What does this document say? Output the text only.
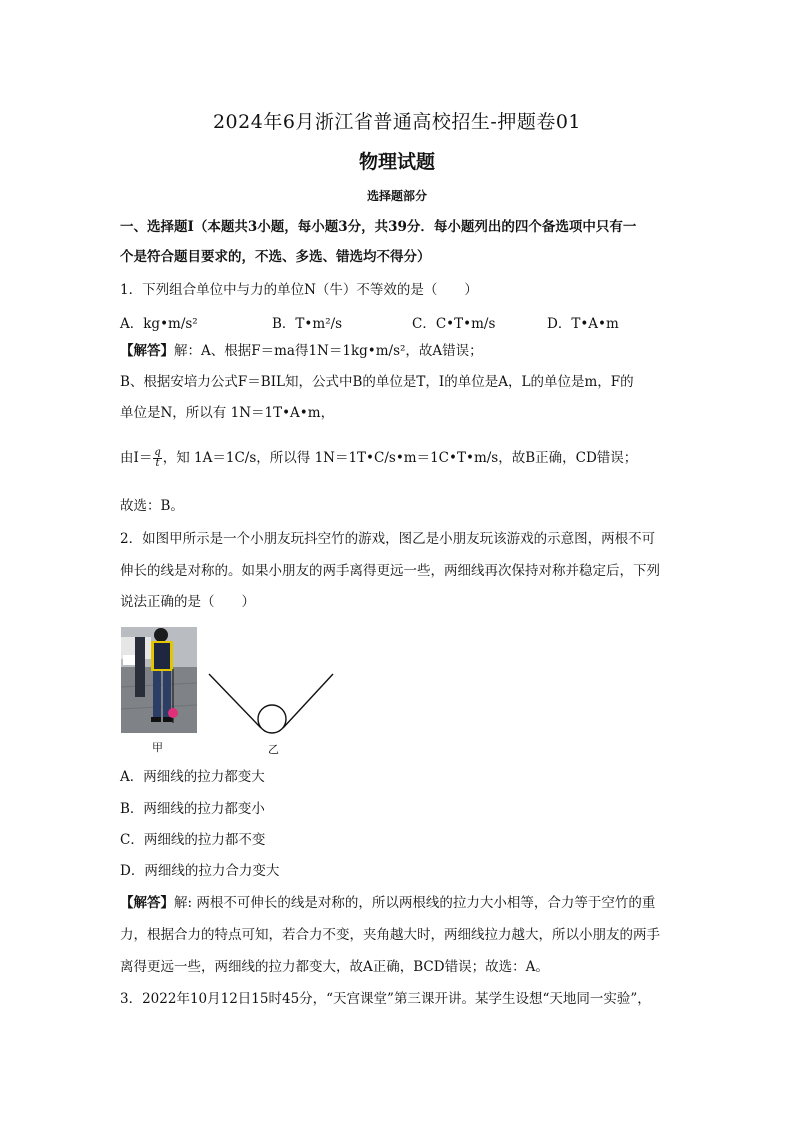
2024年6月浙江省普通高校招生-押题卷01
物理试题
选择题部分
一、选择题Ⅰ（本题共3小题，每小题3分，共39分．每小题列出的四个备选项中只有一
个是符合题目要求的，不选、多选、错选均不得分）
1．下列组合单位中与力的单位N（牛）不等效的是（　　）
A．kg•m/s²	B．T•m²/s	C．C•T•m/s	D．T•A•m
【解答】解：A、根据F＝ma得1N＝1kg•m/s²，故A错误；
B、根据安培力公式F＝BIL知，公式中B的单位是T，I的单位是A，L的单位是m，F的
单位是N，所以有 1N＝1T•A•m，
由$I= \frac{q}{t}$ ，知 1A＝1C/s，所以得 1N＝1T•C/s•m＝1C•T•m/s，故B正确，CD错误；
故选：B。
2．如图甲所示是一个小朋友玩抖空竹的游戏，图乙是小朋友玩该游戏的示意图，两根不可
伸长的线是对称的。如果小朋友的两手离得更远一些，两细线再次保持对称并稳定后，下列
说法正确的是（　　）
甲	乙
A．两细线的拉力都变大
B．两细线的拉力都变小
C．两细线的拉力都不变
D．两细线的拉力合力变大
【解答】解: 两根不可伸长的线是对称的，所以两根线的拉力大小相等，合力等于空竹的重
力，根据合力的特点可知，若合力不变，夹角越大时，两细线拉力越大，所以小朋友的两手
离得更远一些，两细线的拉力都变大，故A正确，BCD错误；故选：A。
3．2022年10月12日15时45分，“天宫课堂”第三课开讲。某学生设想“天地同一实验”，
